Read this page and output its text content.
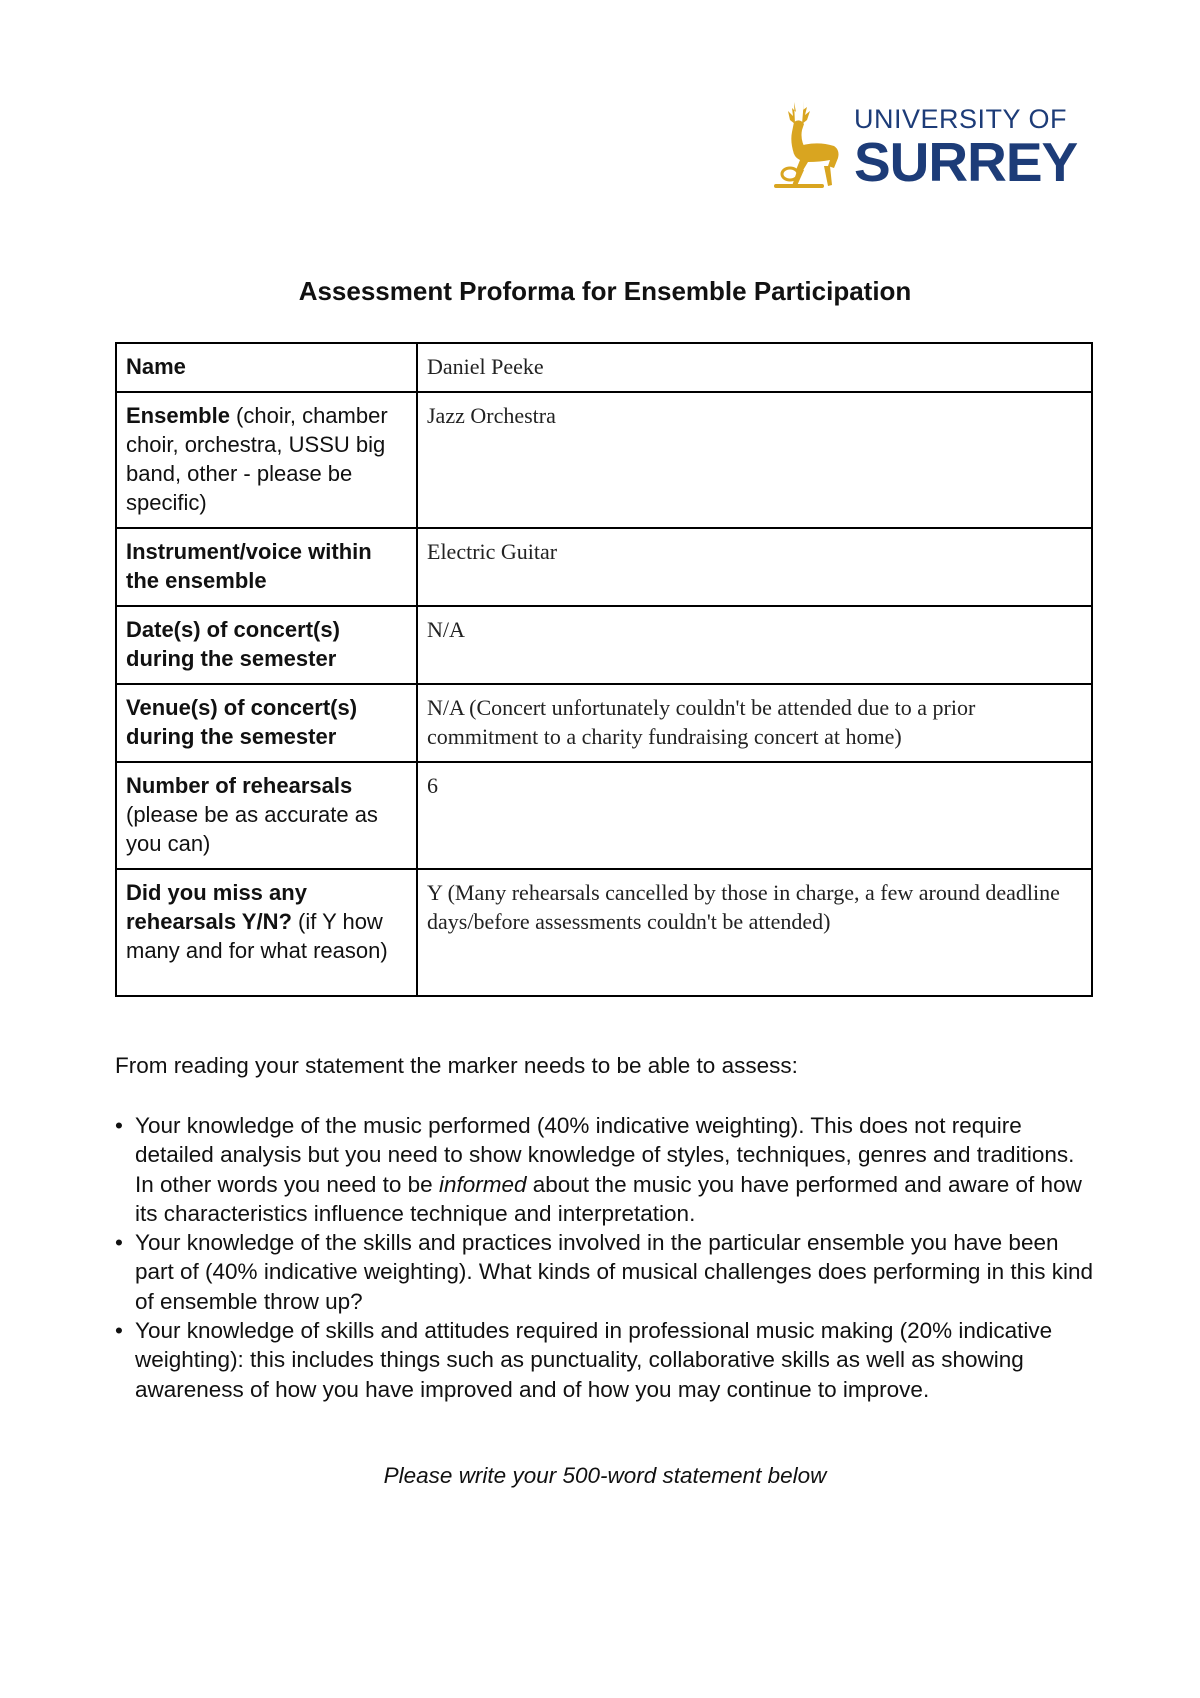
UNIVERSITY OF
SURREY
Assessment Proforma for Ensemble Participation
Name	Daniel Peeke
Ensemble (choir, chamber choir, orchestra, USSU big band, other - please be specific)	Jazz Orchestra
Instrument/voice within the ensemble	Electric Guitar
Date(s) of concert(s) during the semester	N/A
Venue(s) of concert(s) during the semester	N/A (Concert unfortunately couldn't be attended due to a prior commitment to a charity fundraising concert at home)
Number of rehearsals (please be as accurate as you can)	6
Did you miss any rehearsals Y/N? (if Y how many and for what reason)	Y (Many rehearsals cancelled by those in charge, a few around deadline days/before assessments couldn't be attended)
From reading your statement the marker needs to be able to assess:
• Your knowledge of the music performed (40% indicative weighting). This does not require detailed analysis but you need to show knowledge of styles, techniques, genres and traditions. In other words you need to be informed about the music you have performed and aware of how its characteristics influence technique and interpretation.
• Your knowledge of the skills and practices involved in the particular ensemble you have been part of (40% indicative weighting). What kinds of musical challenges does performing in this kind of ensemble throw up?
• Your knowledge of skills and attitudes required in professional music making (20% indicative weighting): this includes things such as punctuality, collaborative skills as well as showing awareness of how you have improved and of how you may continue to improve.
Please write your 500-word statement below
